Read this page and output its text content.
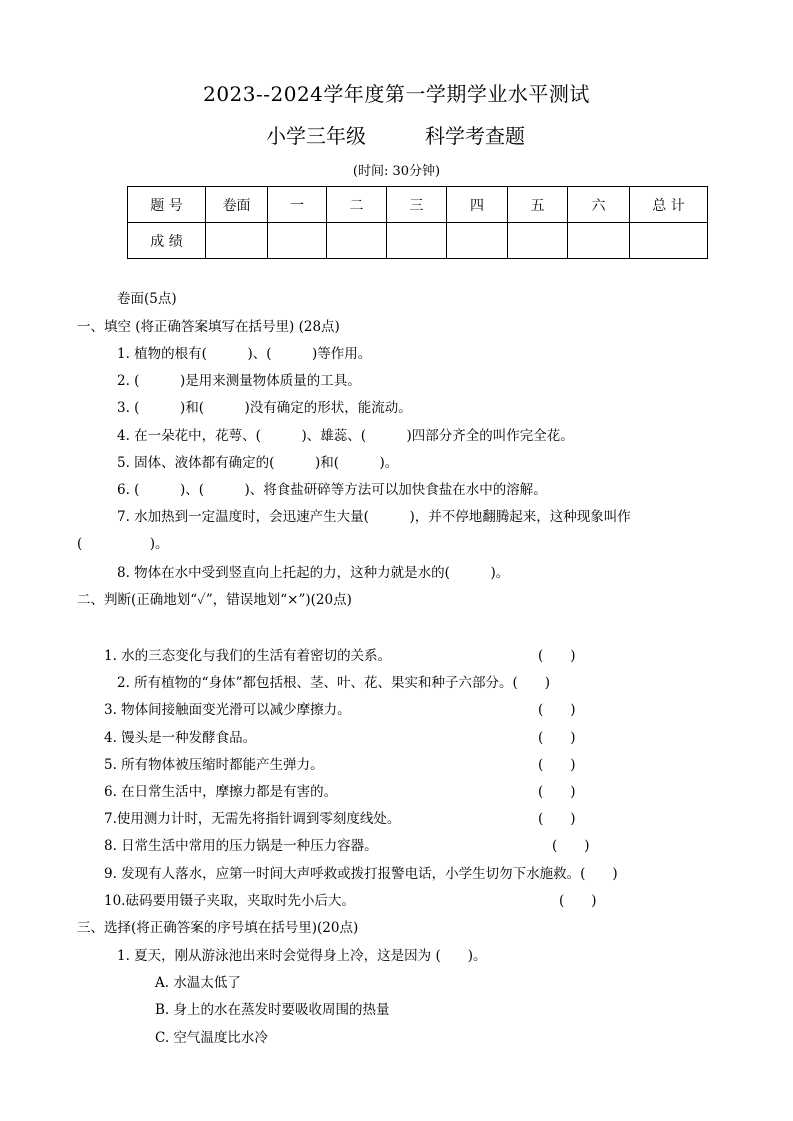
2023--2024学年度第一学期学业水平测试
小学三年级	科学考查题
(时间: 30分钟)
题 号	卷面	一	二	三	四	五	六	总 计
成 绩								
卷面(5点)
一、填空 (将正确答案填写在括号里) (28点)
1. 植物的根有(　　　)、(　　　)等作用。
2. (　　　)是用来测量物体质量的工具。
3. (　　　)和(　　　)没有确定的形状，能流动。
4. 在一朵花中，花萼、(　　　)、雄蕊、(　　　)四部分齐全的叫作完全花。
5. 固体、液体都有确定的(　　　)和(　　　)。
6. (　　　)、(　　　)、将食盐研碎等方法可以加快食盐在水中的溶解。
7. 水加热到一定温度时，会迅速产生大量(　　　)，并不停地翻腾起来，这种现象叫作
(　　　　　)。
8. 物体在水中受到竖直向上托起的力，这种力就是水的(　　　)。
二、判断(正确地划“✓”，错误地划“×”)(20点)
1. 水的三态变化与我们的生活有着密切的关系。	(　　)
2. 所有植物的“身体”都包括根、茎、叶、花、果实和种子六部分。(　　)
3. 物体间接触面变光滑可以减少摩擦力。	(　　)
4. 馒头是一种发酵食品。	(　　)
5. 所有物体被压缩时都能产生弹力。	(　　)
6. 在日常生活中，摩擦力都是有害的。	(　　)
7.使用测力计时，无需先将指针调到零刻度线处。	(　　)
8. 日常生活中常用的压力锅是一种压力容器。	(　　)
9. 发现有人落水，应第一时间大声呼救或拨打报警电话，小学生切勿下水施救。(　　)
10.砝码要用镊子夹取，夹取时先小后大。	(　　)
三、选择(将正确答案的序号填在括号里)(20点)
1. 夏天，刚从游泳池出来时会觉得身上冷，这是因为 (　　)。
A. 水温太低了
B. 身上的水在蒸发时要吸收周围的热量
C. 空气温度比水冷
